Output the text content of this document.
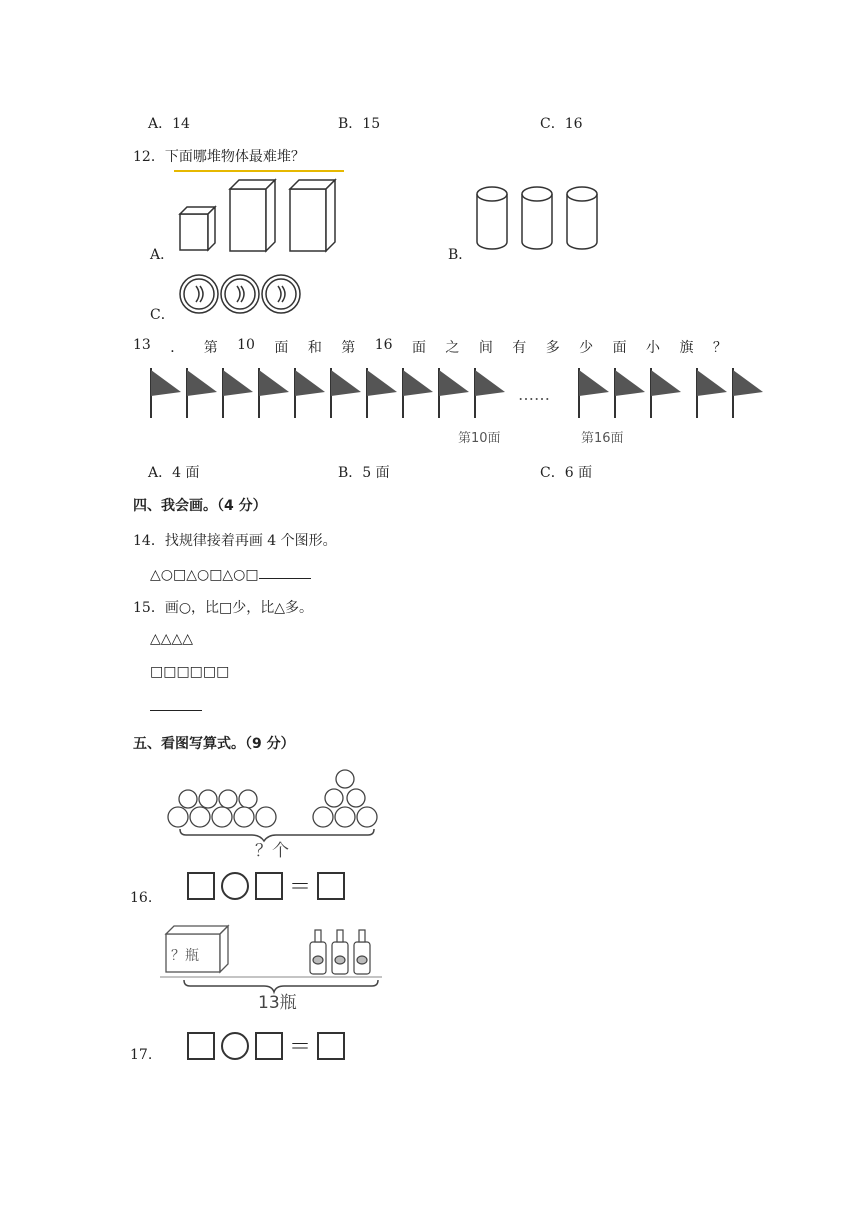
A．14	B．15	C．16
12．下面哪堆物体最难堆？
A．	B．
C．
13 ． 第 10 面 和 第 16 面 之 间 有 多 少 面 小 旗 ？
……
第10面	第16面
A．4 面	B．5 面	C．6 面
四、我会画。（4 分）
14．找规律接着再画 4 个图形。
△○□△○□△○□
15．画○，比□少，比△多。
△△△△
□□□□□□
五、看图写算式。（9 分）
？个
16.	＝
？瓶
13瓶
17.	＝
